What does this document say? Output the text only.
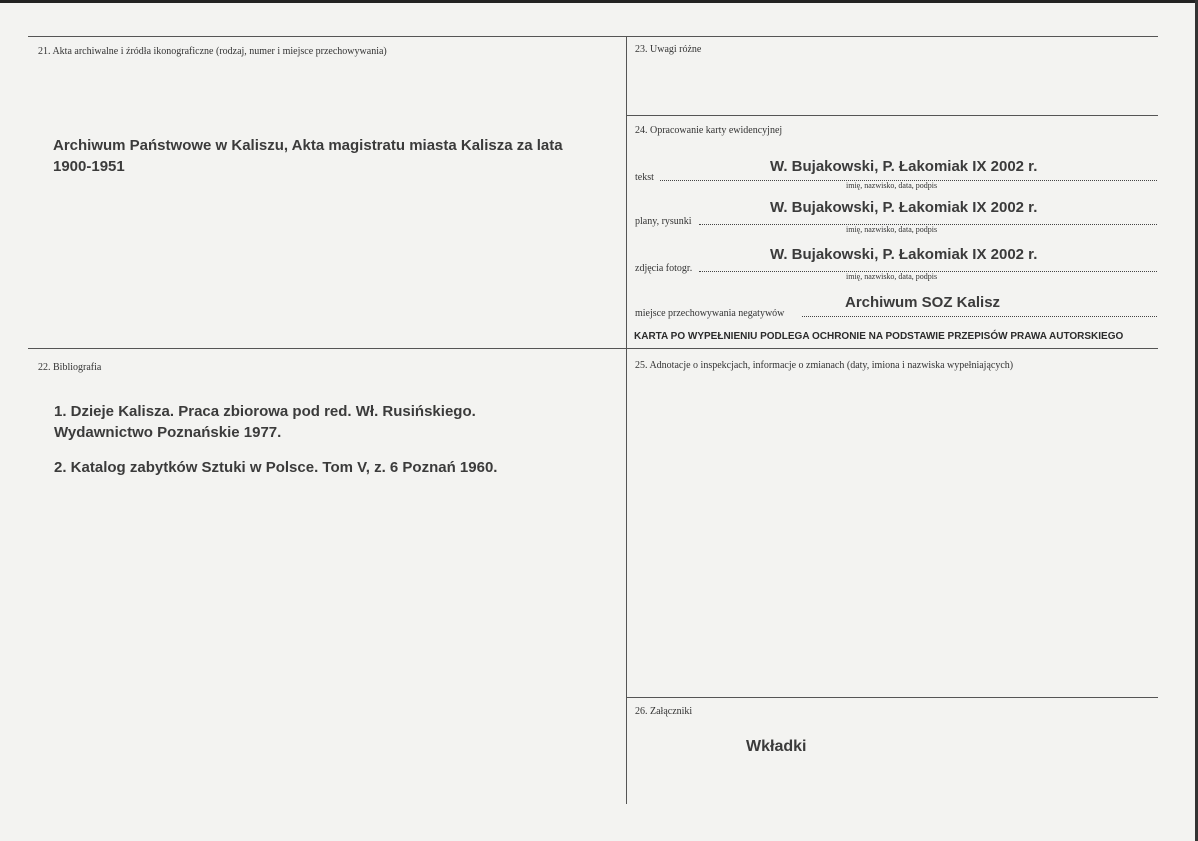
21. Akta archiwalne i źródła ikonograficzne (rodzaj, numer i miejsce przechowywania)
Archiwum Państwowe w Kaliszu, Akta magistratu miasta Kalisza za lata
1900-1951
22. Bibliografia
1. Dzieje Kalisza. Praca zbiorowa pod red. Wł. Rusińskiego.
Wydawnictwo Poznańskie 1977.
2. Katalog zabytków Sztuki w Polsce. Tom V, z. 6 Poznań 1960.
23. Uwagi różne
24. Opracowanie karty ewidencyjnej
W. Bujakowski, P. Łakomiak IX 2002 r.
tekst
imię, nazwisko, data, podpis
W. Bujakowski, P. Łakomiak IX 2002 r.
plany, rysunki
imię, nazwisko, data, podpis
W. Bujakowski, P. Łakomiak IX 2002 r.
zdjęcia fotogr.
imię, nazwisko, data, podpis
Archiwum SOZ Kalisz
miejsce przechowywania negatywów
KARTA PO WYPEŁNIENIU PODLEGA OCHRONIE NA PODSTAWIE PRZEPISÓW PRAWA AUTORSKIEGO
25. Adnotacje o inspekcjach, informacje o zmianach (daty, imiona i nazwiska wypełniających)
26. Załączniki
Wkładki
